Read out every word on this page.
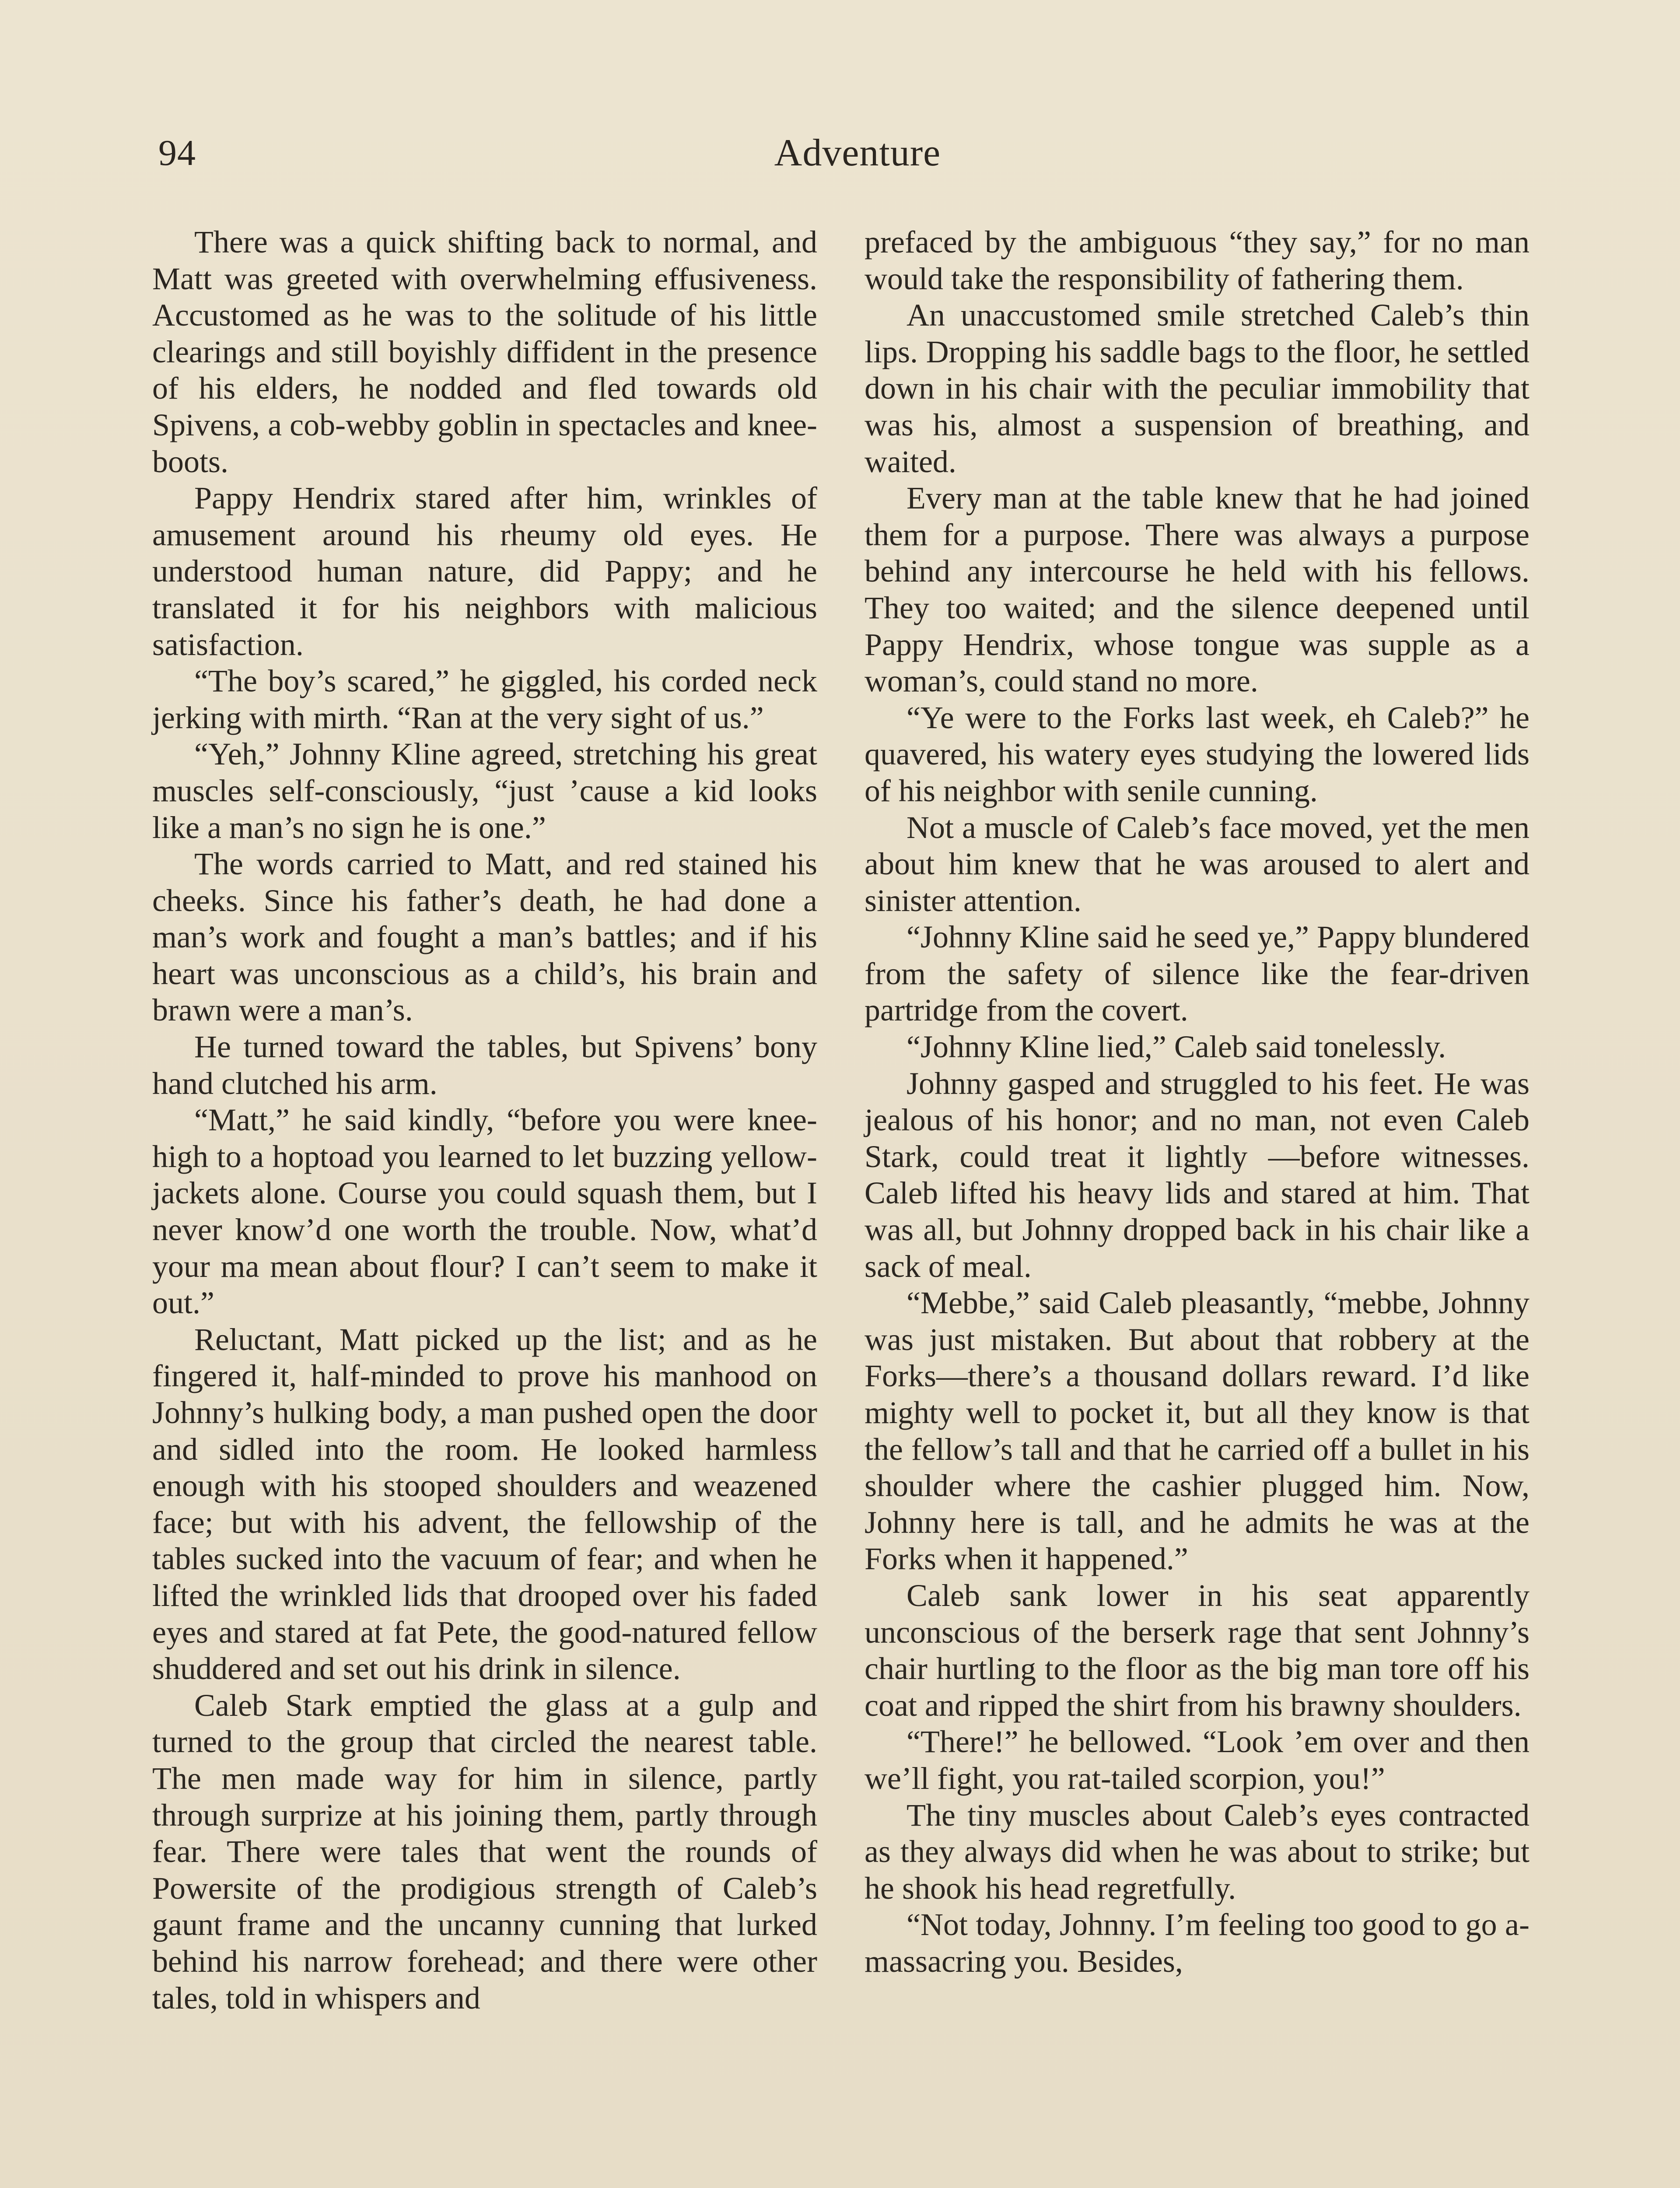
94	Adventure

There was a quick shifting back to normal, and Matt was greeted with overwhelming effusiveness. Accustomed as he was to the solitude of his little clearings and still boyishly diffident in the presence of his elders, he nodded and fled towards old Spivens, a cob-webby goblin in spectacles and knee-boots.

Pappy Hendrix stared after him, wrinkles of amusement around his rheumy old eyes. He understood human nature, did Pappy; and he translated it for his neighbors with malicious satisfaction.

“The boy’s scared,” he giggled, his corded neck jerking with mirth. “Ran at the very sight of us.”

“Yeh,” Johnny Kline agreed, stretching his great muscles self-consciously, “just ’cause a kid looks like a man’s no sign he is one.”

The words carried to Matt, and red stained his cheeks. Since his father’s death, he had done a man’s work and fought a man’s battles; and if his heart was unconscious as a child’s, his brain and brawn were a man’s.

He turned toward the tables, but Spivens’ bony hand clutched his arm.

“Matt,” he said kindly, “before you were knee-high to a hoptoad you learned to let buzzing yellow-jackets alone. Course you could squash them, but I never know’d one worth the trouble. Now, what’d your ma mean about flour? I can’t seem to make it out.”

Reluctant, Matt picked up the list; and as he fingered it, half-minded to prove his manhood on Johnny’s hulking body, a man pushed open the door and sidled into the room. He looked harmless enough with his stooped shoulders and weazened face; but with his advent, the fellowship of the tables sucked into the vacuum of fear; and when he lifted the wrinkled lids that drooped over his faded eyes and stared at fat Pete, the good-natured fellow shuddered and set out his drink in silence.

Caleb Stark emptied the glass at a gulp and turned to the group that circled the nearest table. The men made way for him in silence, partly through surprize at his joining them, partly through fear. There were tales that went the rounds of Powersite of the prodigious strength of Caleb’s gaunt frame and the uncanny cunning that lurked behind his narrow forehead; and there were other tales, told in whispers and

prefaced by the ambiguous “they say,” for no man would take the responsibility of fathering them.

An unaccustomed smile stretched Caleb’s thin lips. Dropping his saddle bags to the floor, he settled down in his chair with the peculiar immobility that was his, almost a suspension of breathing, and waited.

Every man at the table knew that he had joined them for a purpose. There was always a purpose behind any intercourse he held with his fellows. They too waited; and the silence deepened until Pappy Hendrix, whose tongue was supple as a woman’s, could stand no more.

“Ye were to the Forks last week, eh Caleb?” he quavered, his watery eyes studying the lowered lids of his neighbor with senile cunning.

Not a muscle of Caleb’s face moved, yet the men about him knew that he was aroused to alert and sinister attention.

“Johnny Kline said he seed ye,” Pappy blundered from the safety of silence like the fear-driven partridge from the covert.

“Johnny Kline lied,” Caleb said tonelessly.

Johnny gasped and struggled to his feet. He was jealous of his honor; and no man, not even Caleb Stark, could treat it lightly —before witnesses. Caleb lifted his heavy lids and stared at him. That was all, but Johnny dropped back in his chair like a sack of meal.

“Mebbe,” said Caleb pleasantly, “mebbe, Johnny was just mistaken. But about that robbery at the Forks—there’s a thousand dollars reward. I’d like mighty well to pocket it, but all they know is that the fellow’s tall and that he carried off a bullet in his shoulder where the cashier plugged him. Now, Johnny here is tall, and he admits he was at the Forks when it happened.”

Caleb sank lower in his seat apparently unconscious of the berserk rage that sent Johnny’s chair hurtling to the floor as the big man tore off his coat and ripped the shirt from his brawny shoulders.

“There!” he bellowed. “Look ’em over and then we’ll fight, you rat-tailed scorpion, you!”

The tiny muscles about Caleb’s eyes contracted as they always did when he was about to strike; but he shook his head regretfully.

“Not today, Johnny. I’m feeling too good to go a-massacring you. Besides,
